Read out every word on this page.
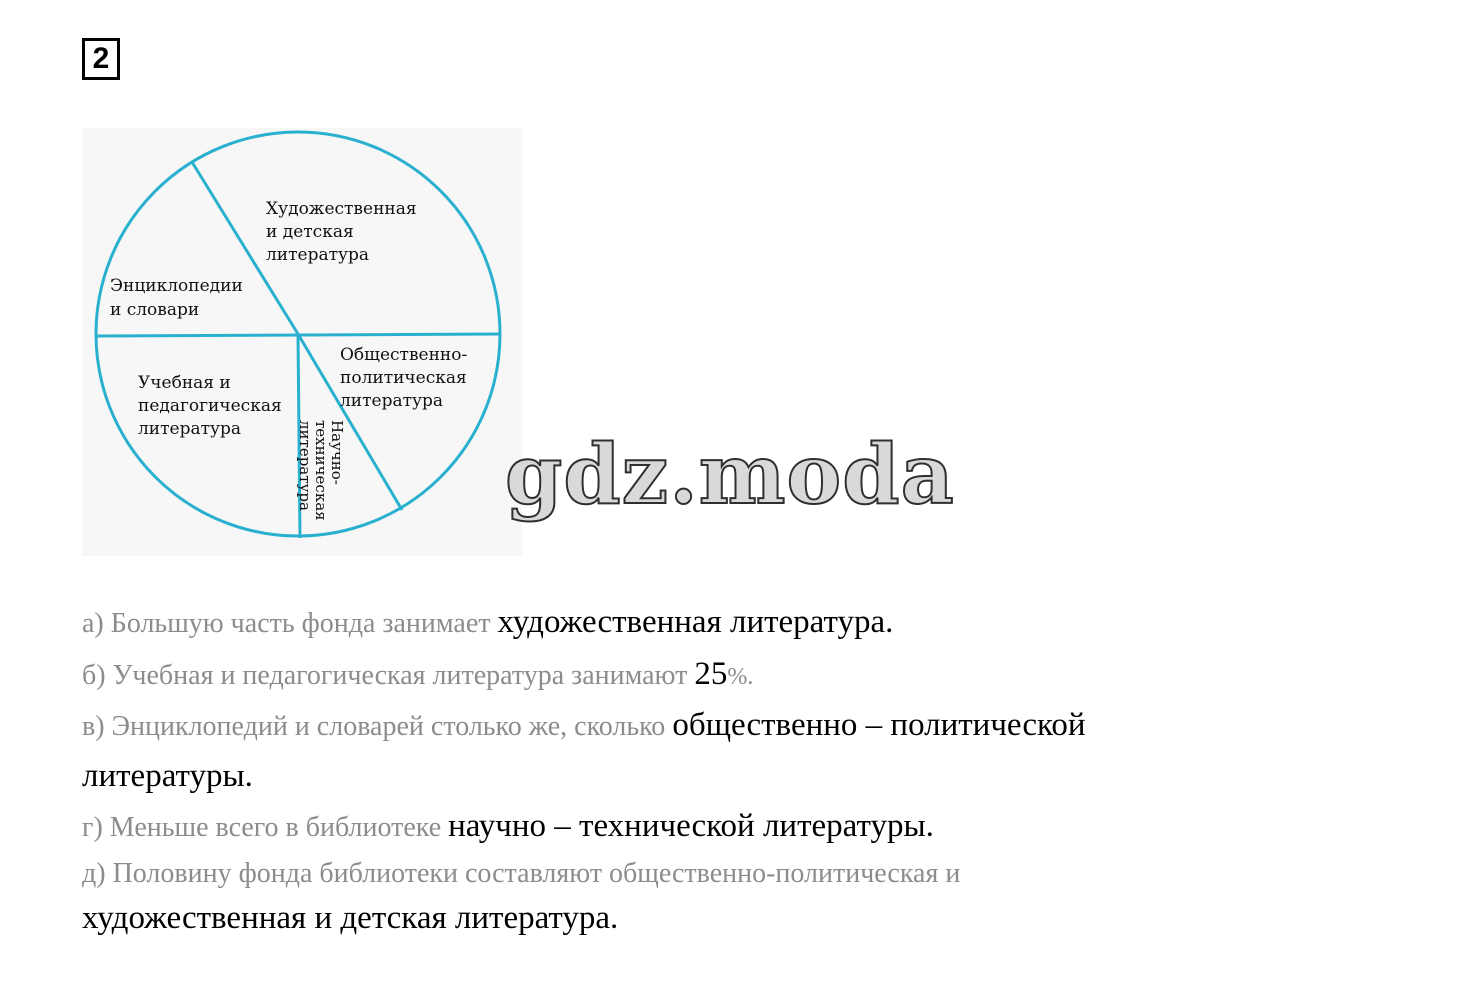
2
Художественная и детская литература
Энциклопедии и словари
Учебная и педагогическая литература
Общественно- политическая литература
Научно- техническая литература	gdz.moda

а) Большую часть фонда занимает художественная литература.

б) Учебная и педагогическая литература занимают 25%.

в) Энциклопедий и словарей столько же, сколько общественно – политической

литературы.

г) Меньше всего в библиотеке научно – технической литературы.

д) Половину фонда библиотеки составляют общественно-политическая и

художественная и детская литература.
